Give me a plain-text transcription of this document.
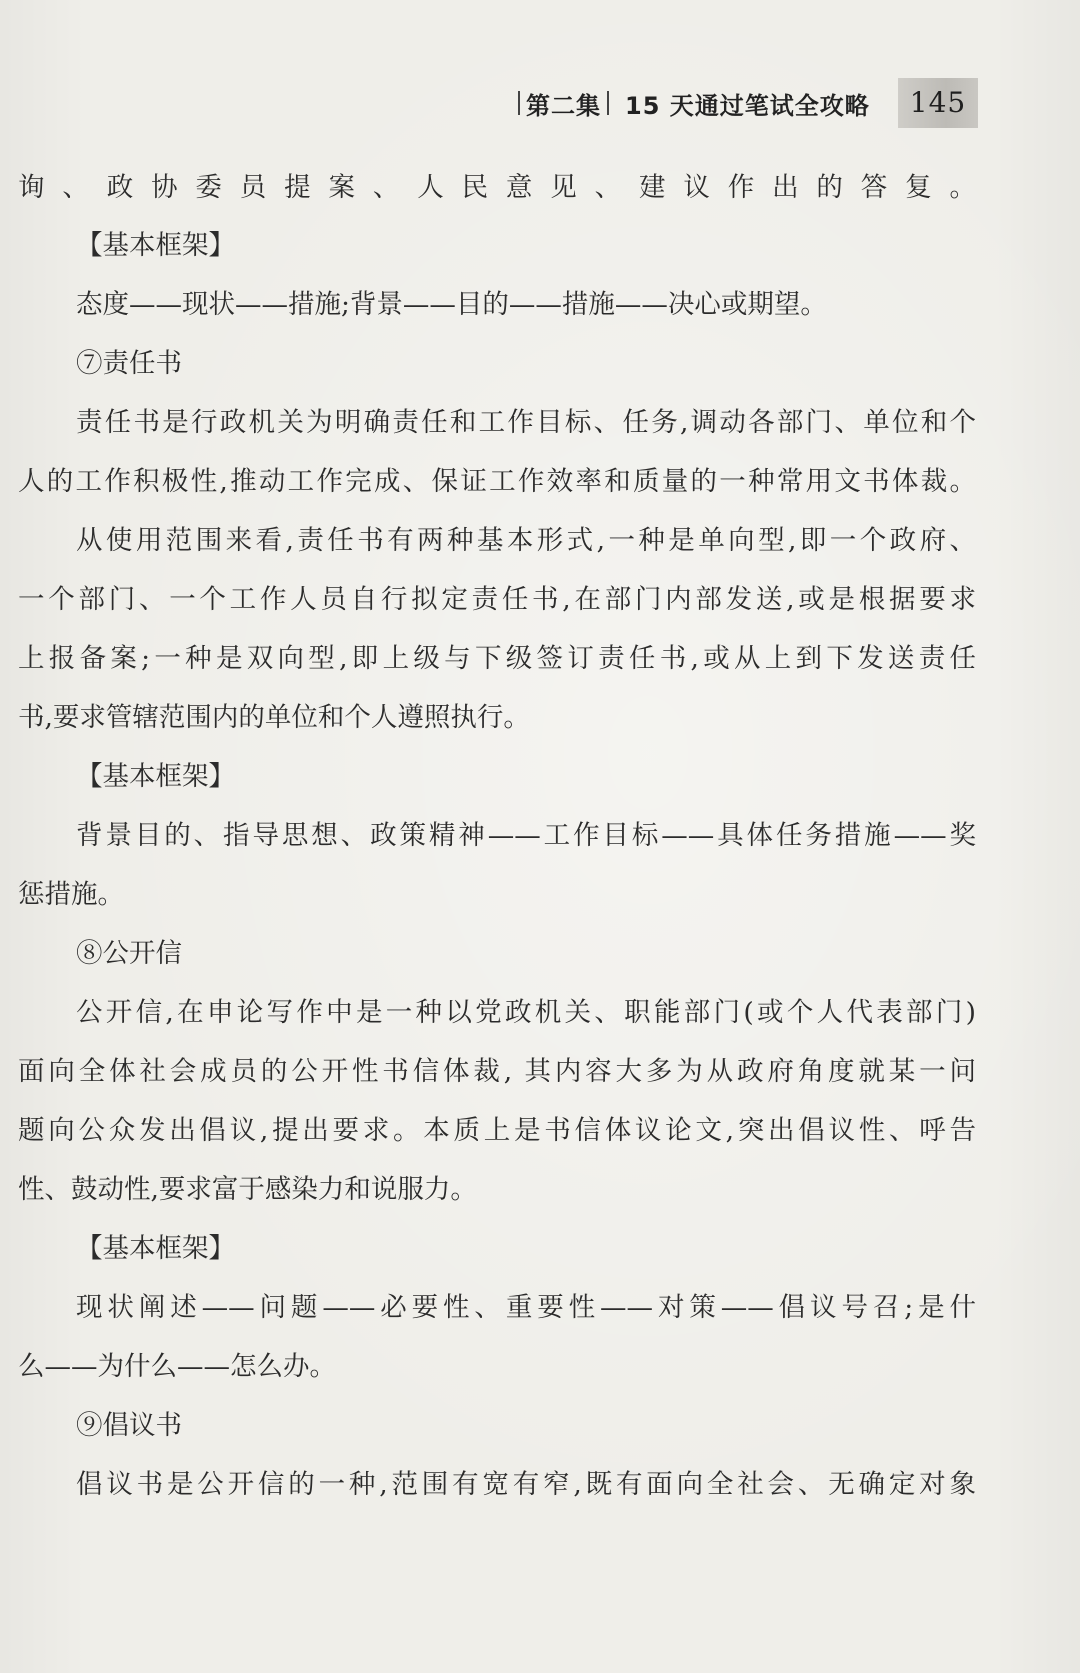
第二集 15 天通过笔试全攻略	145
询、政协委员提案、人民意见、建议作出的答复。
【基本框架】
态度——现状——措施;背景——目的——措施——决心或期望。
⑦责任书
责任书是行政机关为明确责任和工作目标、任务,调动各部门、单位和个
人的工作积极性,推动工作完成、保证工作效率和质量的一种常用文书体裁。
从使用范围来看,责任书有两种基本形式,一种是单向型,即一个政府、
一个部门、一个工作人员自行拟定责任书,在部门内部发送,或是根据要求
上报备案;一种是双向型,即上级与下级签订责任书,或从上到下发送责任
书,要求管辖范围内的单位和个人遵照执行。
【基本框架】
背景目的、指导思想、政策精神——工作目标——具体任务措施——奖
惩措施。
⑧公开信
公开信,在申论写作中是一种以党政机关、职能部门(或个人代表部门)
面向全体社会成员的公开性书信体裁, 其内容大多为从政府角度就某一问
题向公众发出倡议,提出要求。本质上是书信体议论文,突出倡议性、呼告
性、鼓动性,要求富于感染力和说服力。
【基本框架】
现状阐述——问题——必要性、重要性——对策——倡议号召;是什
么——为什么——怎么办。
⑨倡议书
倡议书是公开信的一种,范围有宽有窄,既有面向全社会、无确定对象
